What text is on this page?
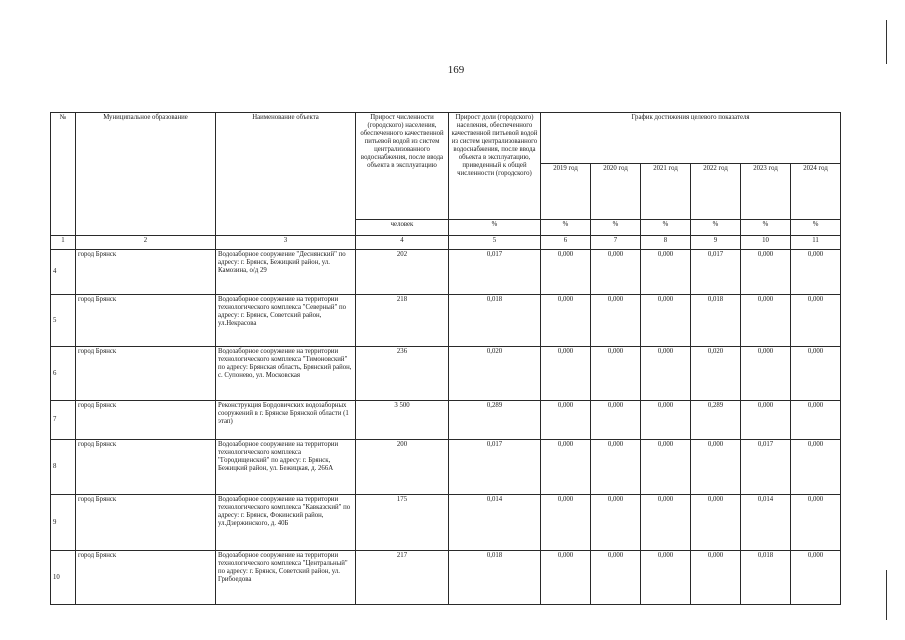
169
№	Муниципальное образование	Наименование объекта	Прирост численности (городского) населения, обеспеченного качественной питьевой водой из систем централизованного водоснабжения, после ввода объекта в эксплуатацию	Прирост доли (городского) населения, обеспеченного качественной питьевой водой из систем централизованного водоснабжения, после ввода объекта в эксплуатацию, приведенный к общей численности (городского)	График достижения целевого показателя					
					2019 год	2020 год	2021 год	2022 год	2023 год	2024 год
			человек	%	%	%	%	%	%	%
1	2	3	4	5	6	7	8	9	10	11
4	город Брянск	Водозаборное сооружение "Деснянский" по адресу: г. Брянск, Бежицкий район, ул. Камозина, о/д 29	202	0,017	0,000	0,000	0,000	0,017	0,000	0,000
5	город Брянск	Водозаборное сооружение на территории технологического комплекса "Северный" по адресу: г. Брянск, Советский район, ул.Некрасова	218	0,018	0,000	0,000	0,000	0,018	0,000	0,000
6	город Брянск	Водозаборное сооружение на территории технологического комплекса "Тимоновский" по адресу: Брянская область, Брянский район, с. Супонево, ул. Московская	236	0,020	0,000	0,000	0,000	0,020	0,000	0,000
7	город Брянск	Реконструкция Бордовичских водозаборных сооружений в г. Брянске Брянской области (1 этап)	3 500	0,289	0,000	0,000	0,000	0,289	0,000	0,000
8	город Брянск	Водозаборное сооружение на территории технологического комплекса "Городищенский" по адресу: г. Брянск, Бежицкий район, ул. Бежицкая, д. 266А	200	0,017	0,000	0,000	0,000	0,000	0,017	0,000
9	город Брянск	Водозаборное сооружение на территории технологического комплекса "Кавказский" по адресу: г. Брянск, Фокинский район, ул.Дзержинского, д. 40Б	175	0,014	0,000	0,000	0,000	0,000	0,014	0,000
10	город Брянск	Водозаборное сооружение на территории технологического комплекса "Центральный" по адресу: г. Брянск, Советский район, ул. Грибоедова	217	0,018	0,000	0,000	0,000	0,000	0,018	0,000
